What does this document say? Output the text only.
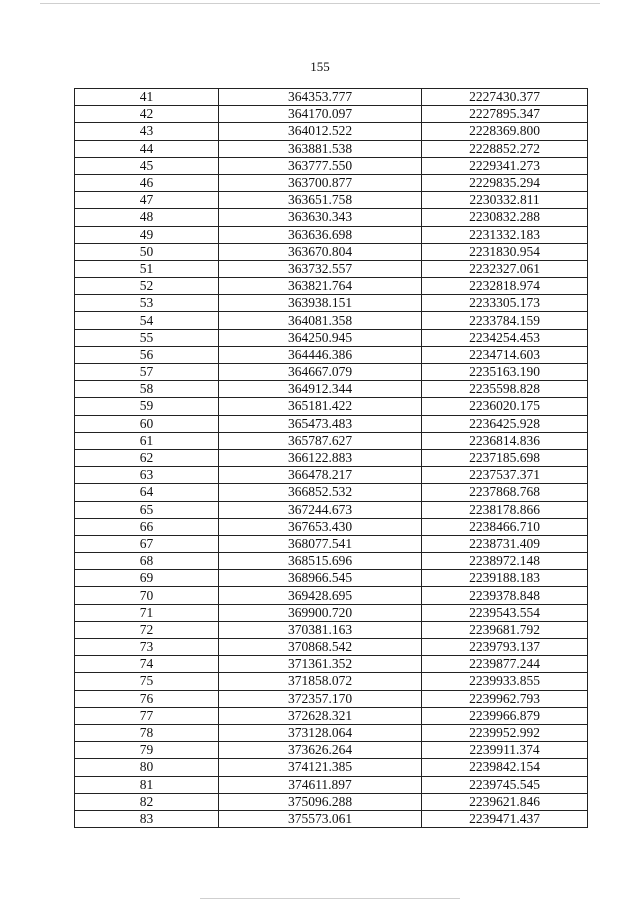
155
41	364353.777	2227430.377
42	364170.097	2227895.347
43	364012.522	2228369.800
44	363881.538	2228852.272
45	363777.550	2229341.273
46	363700.877	2229835.294
47	363651.758	2230332.811
48	363630.343	2230832.288
49	363636.698	2231332.183
50	363670.804	2231830.954
51	363732.557	2232327.061
52	363821.764	2232818.974
53	363938.151	2233305.173
54	364081.358	2233784.159
55	364250.945	2234254.453
56	364446.386	2234714.603
57	364667.079	2235163.190
58	364912.344	2235598.828
59	365181.422	2236020.175
60	365473.483	2236425.928
61	365787.627	2236814.836
62	366122.883	2237185.698
63	366478.217	2237537.371
64	366852.532	2237868.768
65	367244.673	2238178.866
66	367653.430	2238466.710
67	368077.541	2238731.409
68	368515.696	2238972.148
69	368966.545	2239188.183
70	369428.695	2239378.848
71	369900.720	2239543.554
72	370381.163	2239681.792
73	370868.542	2239793.137
74	371361.352	2239877.244
75	371858.072	2239933.855
76	372357.170	2239962.793
77	372628.321	2239966.879
78	373128.064	2239952.992
79	373626.264	2239911.374
80	374121.385	2239842.154
81	374611.897	2239745.545
82	375096.288	2239621.846
83	375573.061	2239471.437
